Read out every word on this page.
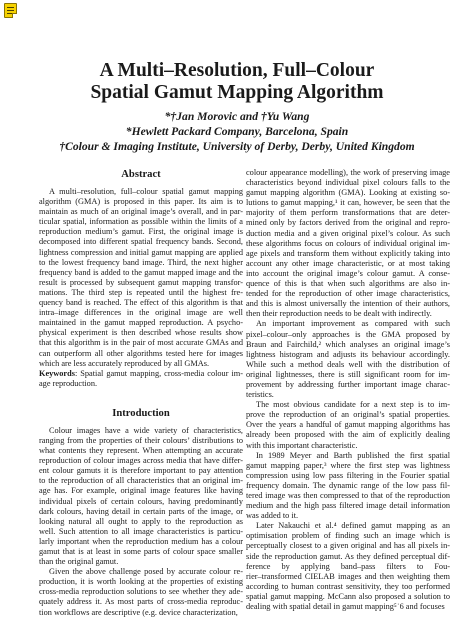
A Multi–Resolution, Full–Colour
Spatial Gamut Mapping Algorithm
*†Jan Morovic and †Yu Wang
*Hewlett Packard Company, Barcelona, Spain
†Colour & Imaging Institute, University of Derby, Derby, United Kingdom
Abstract
A multi–resolution, full–colour spatial gamut mapping
algorithm (GMA) is proposed in this paper. Its aim is to
maintain as much of an original image’s overall, and in par-
ticular spatial, information as possible within the limits of a
reproduction medium’s gamut. First, the original image is
decomposed into different spatial frequency bands. Second,
lightness compression and initial gamut mapping are applied
to the lowest frequency band image. Third, the next higher
frequency band is added to the gamut mapped image and the
result is processed by subsequent gamut mapping transfor-
mations. The third step is repeated until the highest fre-
quency band is reached. The effect of this algorithm is that
intra–image differences in the original image are well
maintained in the gamut mapped reproduction. A psycho-
physical experiment is then described whose results show
that this algorithm is in the pair of most accurate GMAs and
can outperform all other algorithms tested here for images
which are less accurately reproduced by all GMAs.
Keywords: Spatial gamut mapping, cross-media colour im-
age reproduction.
Introduction
Colour images have a wide variety of characteristics,
ranging from the properties of their colours’ distributions to
what contents they represent. When attempting an accurate
reproduction of colour images across media that have differ-
ent colour gamuts it is therefore important to pay attention
to the reproduction of all characteristics that an original im-
age has. For example, original image features like having
individual pixels of certain colours, having predominantly
dark colours, having detail in certain parts of the image, or
looking natural all ought to apply to the reproduction as
well. Such attention to all image characteristics is particu-
larly important when the reproduction medium has a colour
gamut that is at least in some parts of colour space smaller
than the original gamut.
Given the above challenge posed by accurate colour re-
production, it is worth looking at the properties of existing
cross-media reproduction solutions to see whether they ade-
quately address it. As most parts of cross-media reproduc-
tion workflows are descriptive (e.g. device characterization,
colour appearance modelling), the work of preserving image
characteristics beyond individual pixel colours falls to the
gamut mapping algorithm (GMA). Looking at existing so-
lutions to gamut mapping,¹ it can, however, be seen that the
majority of them perform transformations that are deter-
mined only by factors derived from the original and repro-
duction media and a given original pixel’s colour. As such
these algorithms focus on colours of individual original im-
age pixels and transform them without explicitly taking into
account any other image characteristic, or at most taking
into account the original image’s colour gamut. A conse-
quence of this is that when such algorithms are also in-
tended for the reproduction of other image characteristics,
and this is almost universally the intention of their authors,
then their reproduction needs to be dealt with indirectly.
An important improvement as compared with such
pixel–colour–only approaches is the GMA proposed by
Braun and Fairchild,² which analyses an original image’s
lightness histogram and adjusts its behaviour accordingly.
While such a method deals well with the distribution of
original lightnesses, there is still significant room for im-
provement by addressing further important image charac-
teristics.
The most obvious candidate for a next step is to im-
prove the reproduction of an original’s spatial properties.
Over the years a handful of gamut mapping algorithms has
already been proposed with the aim of explicitly dealing
with this important characteristic.
In 1989 Meyer and Barth published the first spatial
gamut mapping paper,³ where the first step was lightness
compression using low pass filtering in the Fourier spatial
frequency domain. The dynamic range of the low pass fil-
tered image was then compressed to that of the reproduction
medium and the high pass filtered image detail information
was added to it.
Later Nakauchi et al.⁴ defined gamut mapping as an
optimisation problem of finding such an image which is
perceptually closest to a given original and has all pixels in-
side the reproduction gamut. As they defined perceptual dif-
ference by applying band–pass filters to Fou-
rier–transformed CIELAB images and then weighting them
according to human contrast sensitivity, they too performed
spatial gamut mapping. McCann also proposed a solution to
dealing with spatial detail in gamut mapping⁵˙6 and focuses
